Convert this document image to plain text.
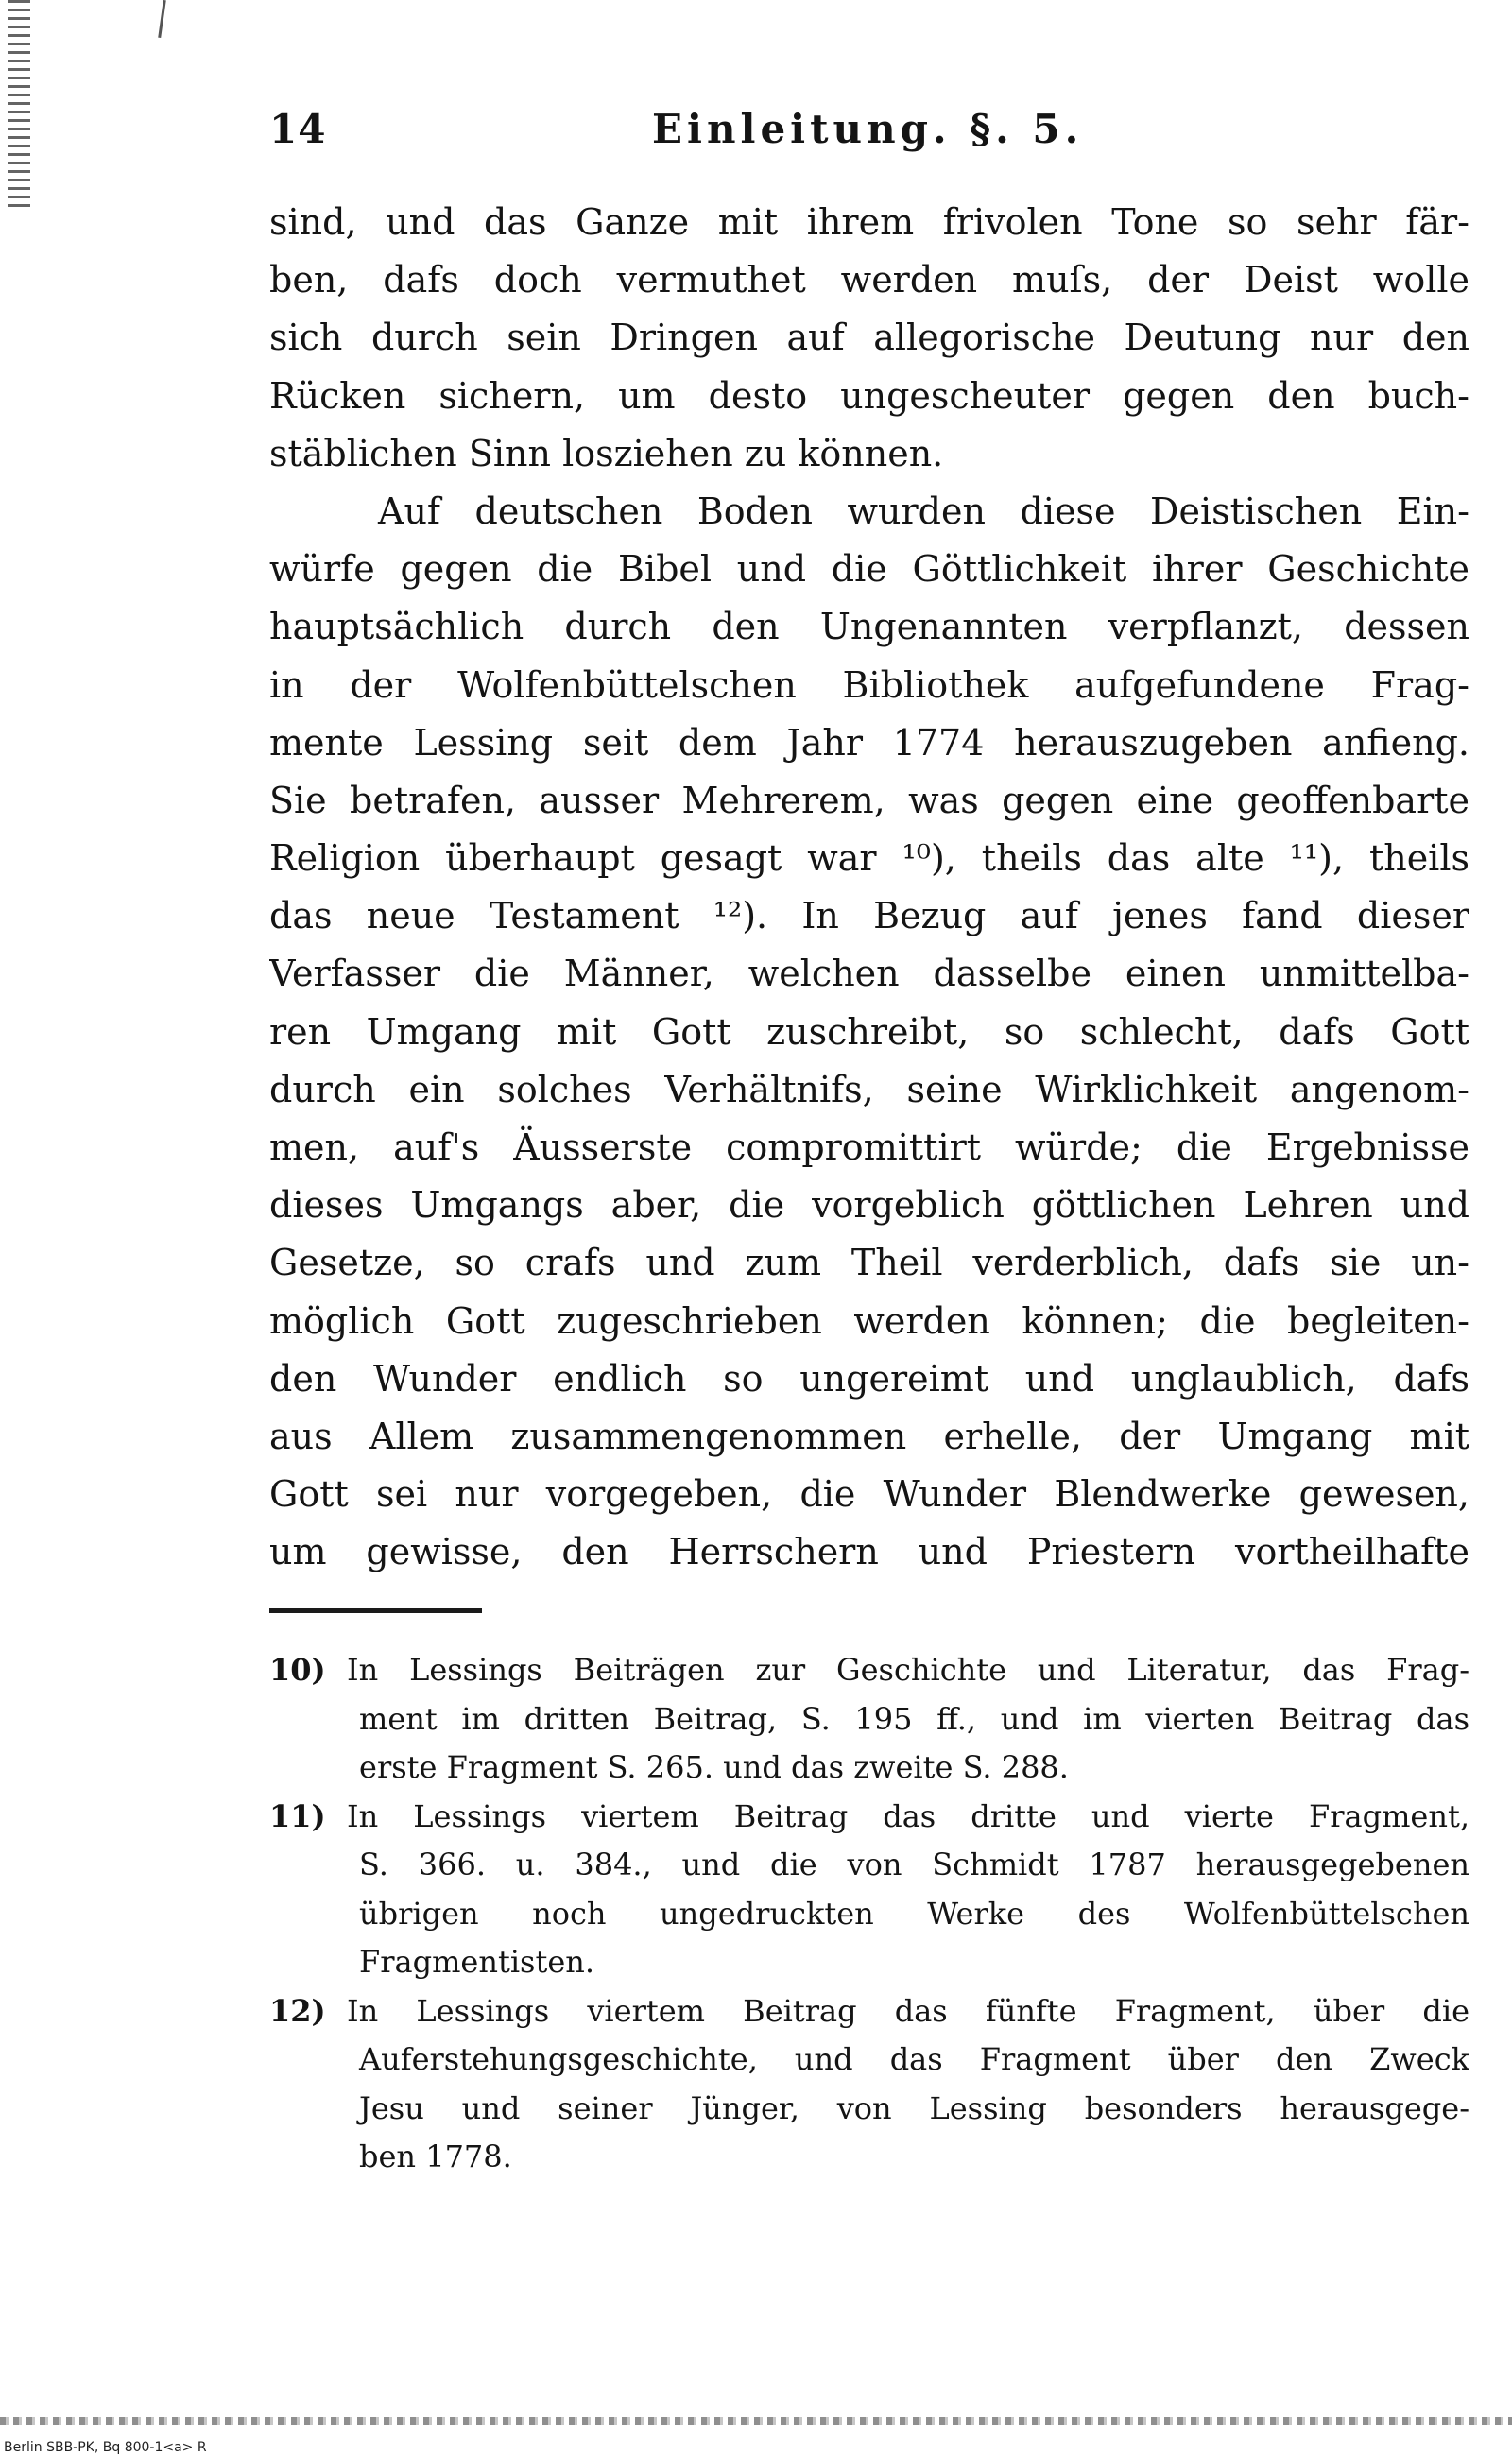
14	Einleitung. §. 5.
sind, und das Ganze mit ihrem frivolen Tone so sehr fär-
ben, dafs doch vermuthet werden muſs, der Deist wolle
sich durch sein Dringen auf allegorische Deutung nur den
Rücken sichern, um desto ungescheuter gegen den buch-
stäblichen Sinn losziehen zu können.
Auf deutschen Boden wurden diese Deistischen Ein-
würfe gegen die Bibel und die Göttlichkeit ihrer Geschichte
hauptsächlich durch den Ungenannten verpflanzt, dessen
in der Wolfenbüttelschen Bibliothek aufgefundene Frag-
mente Lessing seit dem Jahr 1774 herauszugeben anfieng.
Sie betrafen, ausser Mehrerem, was gegen eine geoffenbarte
Religion überhaupt gesagt war ¹⁰), theils das alte ¹¹), theils
das neue Testament ¹²). In Bezug auf jenes fand dieser
Verfasser die Männer, welchen dasselbe einen unmittelba-
ren Umgang mit Gott zuschreibt, so schlecht, dafs Gott
durch ein solches Verhältnifs, seine Wirklichkeit angenom-
men, auf's Äusserste compromittirt würde; die Ergebnisse
dieses Umgangs aber, die vorgeblich göttlichen Lehren und
Gesetze, so crafs und zum Theil verderblich, dafs sie un-
möglich Gott zugeschrieben werden können; die begleiten-
den Wunder endlich so ungereimt und unglaublich, dafs
aus Allem zusammengenommen erhelle, der Umgang mit
Gott sei nur vorgegeben, die Wunder Blendwerke gewesen,
um gewisse, den Herrschern und Priestern vortheilhafte
10) In Lessings Beiträgen zur Geschichte und Literatur, das Frag-
ment im dritten Beitrag, S. 195 ff., und im vierten Beitrag das
erste Fragment S. 265. und das zweite S. 288.
11) In Lessings viertem Beitrag das dritte und vierte Fragment,
S. 366. u. 384., und die von Schmidt 1787 herausgegebenen
übrigen noch ungedruckten Werke des Wolfenbüttelschen
Fragmentisten.
12) In Lessings viertem Beitrag das fünfte Fragment, über die
Auferstehungsgeschichte, und das Fragment über den Zweck
Jesu und seiner Jünger, von Lessing besonders herausgege-
ben 1778.
Berlin SBB-PK, Bq 800-1<a> R
